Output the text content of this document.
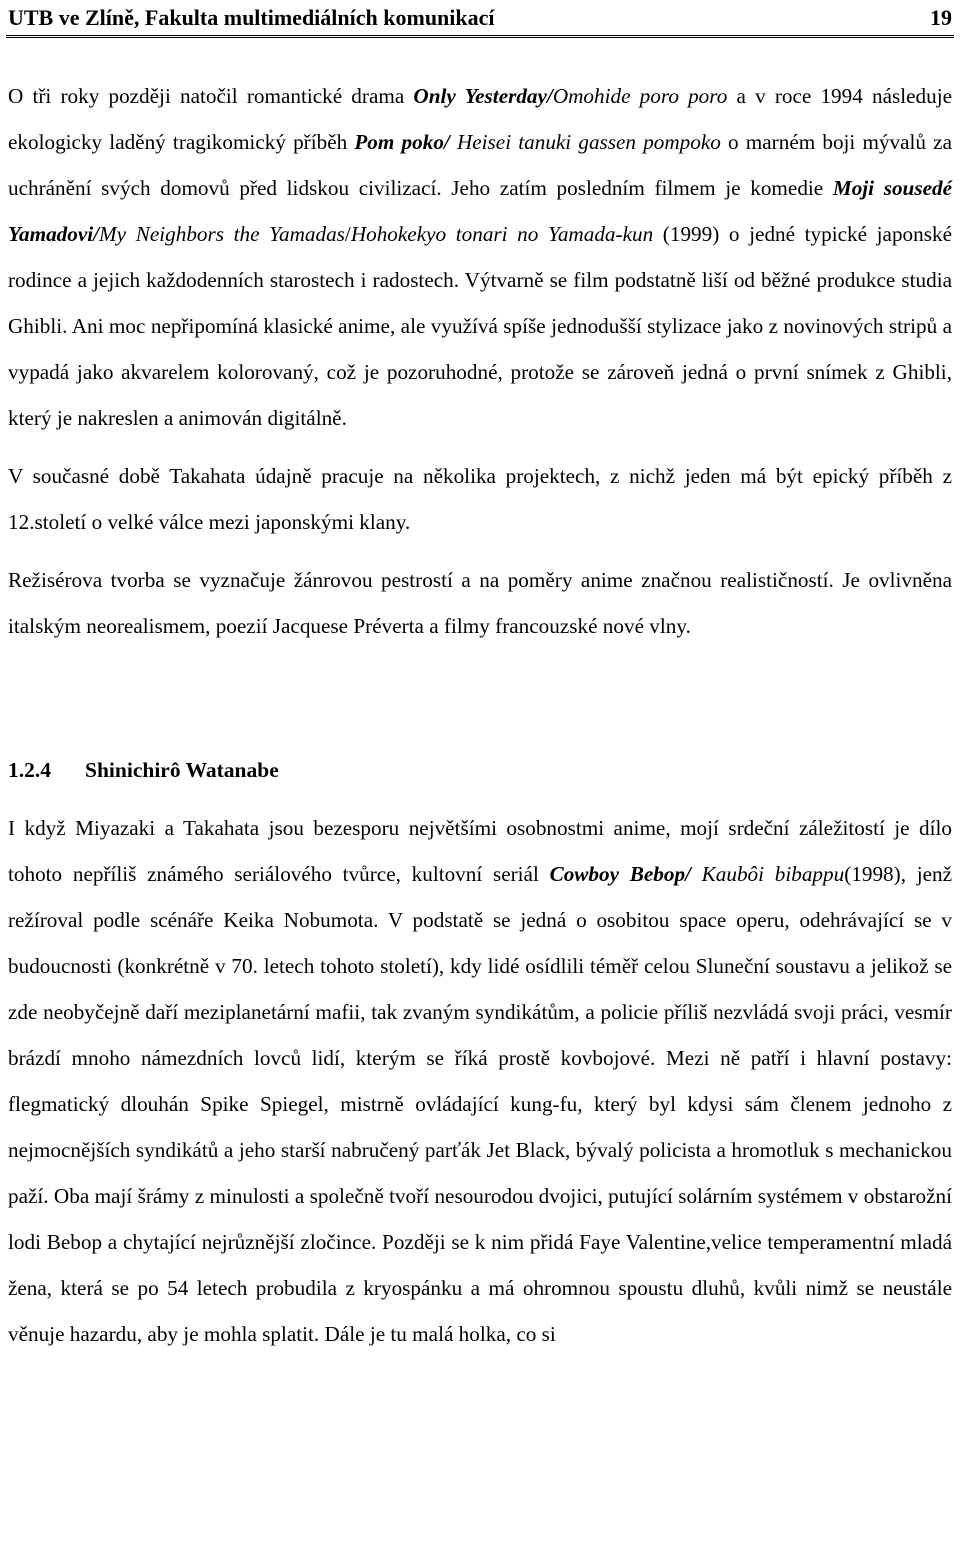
UTB ve Zlíně, Fakulta multimediálních komunikací	19

O tři roky později natočil romantické drama Only Yesterday/Omohide poro poro a v roce 1994 následuje ekologicky laděný tragikomický příběh Pom poko/ Heisei tanuki gassen pompoko o marném boji mývalů za uchránění svých domovů před lidskou civilizací. Jeho zatím posledním filmem je komedie Moji sousedé Yamadovi/My Neighbors the Yamadas/Hohokekyo tonari no Yamada-kun (1999) o jedné typické japonské rodince a jejich každodenních starostech i radostech. Výtvarně se film podstatně liší od běžné produkce studia Ghibli. Ani moc nepřipomíná klasické anime, ale využívá spíše jednodušší stylizace jako z novinových stripů a vypadá jako akvarelem kolorovaný, což je pozoruhodné, protože se zároveň jedná o první snímek z Ghibli, který je nakreslen a animován digitálně.

V současné době Takahata údajně pracuje na několika projektech, z nichž jeden má být epický příběh z 12.století o velké válce mezi japonskými klany.

Režisérova tvorba se vyznačuje žánrovou pestrostí a na poměry anime značnou realističností. Je ovlivněna italským neorealismem, poezií Jacquese Préverta a filmy francouzské nové vlny.

1.2.4 Shinichirô Watanabe

I když Miyazaki a Takahata jsou bezesporu největšími osobnostmi anime, mojí srdeční záležitostí je dílo tohoto nepříliš známého seriálového tvůrce, kultovní seriál Cowboy Bebop/ Kaubôi bibappu(1998), jenž režíroval podle scénáře Keika Nobumota. V podstatě se jedná o osobitou space operu, odehrávající se v budoucnosti (konkrétně v 70. letech tohoto století), kdy lidé osídlili téměř celou Sluneční soustavu a jelikož se zde neobyčejně daří meziplanetární mafii, tak zvaným syndikátům, a policie příliš nezvládá svoji práci, vesmír brázdí mnoho námezdních lovců lidí, kterým se říká prostě kovbojové. Mezi ně patří i hlavní postavy: flegmatický dlouhán Spike Spiegel, mistrně ovládající kung-fu, který byl kdysi sám členem jednoho z nejmocnějších syndikátů a jeho starší nabručený parťák Jet Black, bývalý policista a hromotluk s mechanickou paží. Oba mají šrámy z minulosti a společně tvoří nesourodou dvojici, putující solárním systémem v obstarožní lodi Bebop a chytající nejrůznější zločince. Později se k nim přidá Faye Valentine,velice temperamentní mladá žena, která se po 54 letech probudila z kryospánku a má ohromnou spoustu dluhů, kvůli nimž se neustále věnuje hazardu, aby je mohla splatit. Dále je tu malá holka, co si
